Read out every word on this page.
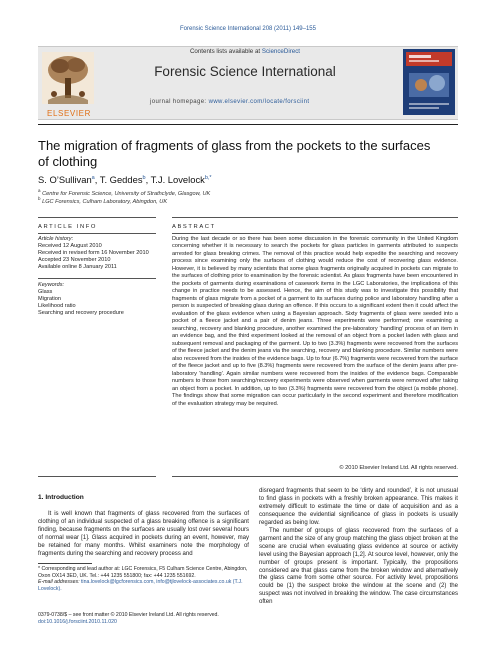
Forensic Science International 208 (2011) 149–155
ELSEVIER
Contents lists available at ScienceDirect
Forensic Science International
journal homepage: www.elsevier.com/locate/forsciint
The migration of fragments of glass from the pockets to the surfaces of clothing
S. O’Sullivan$^a$, T. Geddes$^b$, T.J. Lovelock$^{b,*}$
$^a$ Centre for Forensic Science, University of Strathclyde, Glasgow, UK
$^b$ LGC Forensics, Culham Laboratory, Abingdon, UK
ARTICLE INFO	ABSTRACT
Article history:
Received 12 August 2010
Received in revised form 16 November 2010
Accepted 23 November 2010
Available online 8 January 2011
Keywords:
Glass
Migration
Likelihood ratio
Searching and recovery procedure

During the last decade or so there has been some discussion in the forensic community in the United Kingdom concerning whether it is necessary to search the pockets for glass particles in garments attributed to suspects arrested for glass breaking crimes. The removal of this practice would help expedite the searching and recovery process since examining only the surfaces of clothing would reduce the cost of recovering glass evidence. However, it is believed by many scientists that some glass fragments originally acquired in pockets can migrate to the surfaces of clothing prior to examination by the forensic scientist. As glass fragments have been encountered in the pockets of garments during examinations of casework items in the LGC Laboratories, the implications of this change in practice needs to be assessed. Hence, the aim of this study was to investigate this possibility that fragments of glass migrate from a pocket of a garment to its surfaces during police and laboratory handling after a person is suspected of breaking glass during an offence. If this occurs to a significant extent then it could affect the evaluation of the glass evidence when using a Bayesian approach. Sixty fragments of glass were seeded into a pocket of a fleece jacket and a pair of denim jeans. Three experiments were performed; one examining a searching, recovery and blanking procedure, another examined the pre-laboratory ‘handling’ process of an item in an evidence bag, and the third experiment looked at the removal of an object from a pocket laden with glass and subsequent removal and packaging of the garment. Up to two (3.3%) fragments were recovered from the surfaces of the fleece jacket and the denim jeans via the searching, recovery and blanking procedure. Similar numbers were also recovered from the insides of the evidence bags. Up to four (6.7%) fragments were recovered from the surface of the fleece jacket and up to five (8.3%) fragments were recovered from the surface of the denim jeans after pre-laboratory ‘handling’. Again similar numbers were recovered from the insides of the evidence bags. Comparable numbers to those from searching/recovery experiments were observed when garments were removed after taking an object from a pocket. In addition, up to two (3.3%) fragments were recovered from the object (a mobile phone). The findings show that some migration can occur particularly in the second experiment and therefore modification of the evaluation strategy may be required.

© 2010 Elsevier Ireland Ltd. All rights reserved.
1. Introduction

It is well known that fragments of glass recovered from the surfaces of clothing of an individual suspected of a glass breaking offence is a significant finding, because fragments on the surfaces are usually lost over several hours of normal wear [1]. Glass acquired in pockets during an event, however, may be retained for many months. Whilst examiners note the morphology of fragments during the searching and recovery process and

disregard fragments that seem to be ‘dirty and rounded’, it is not unusual to find glass in pockets with a freshly broken appearance. This makes it extremely difficult to estimate the time or date of acquisition and as a consequence the evidential significance of glass in pockets is usually regarded as being low.

The number of groups of glass recovered from the surfaces of a garment and the size of any group matching the glass object broken at the scene are crucial when evaluating glass evidence at source or activity level using the Bayesian approach [1,2]. At source level, however, only the number of groups present is important. Typically, the propositions considered are that glass came from the broken window and alternatively the glass came from some other source. For activity level, propositions could be (1) the suspect broke the window at the scene and (2) the suspect was not involved in breaking the window. The case circumstances often

* Corresponding and lead author at: LGC Forensics, F5 Culham Science Centre, Abingdon, Oxon OX14 3ED, UK. Tel.: +44 1235 551800; fax: +44 1235 551692.
E-mail addresses: tina.lovelock@lgcforensics.com, info@tjlovelock-associates.co.uk (T.J. Lovelock).
0379-0738/$ – see front matter © 2010 Elsevier Ireland Ltd. All rights reserved.
doi:10.1016/j.forsciint.2010.11.020
